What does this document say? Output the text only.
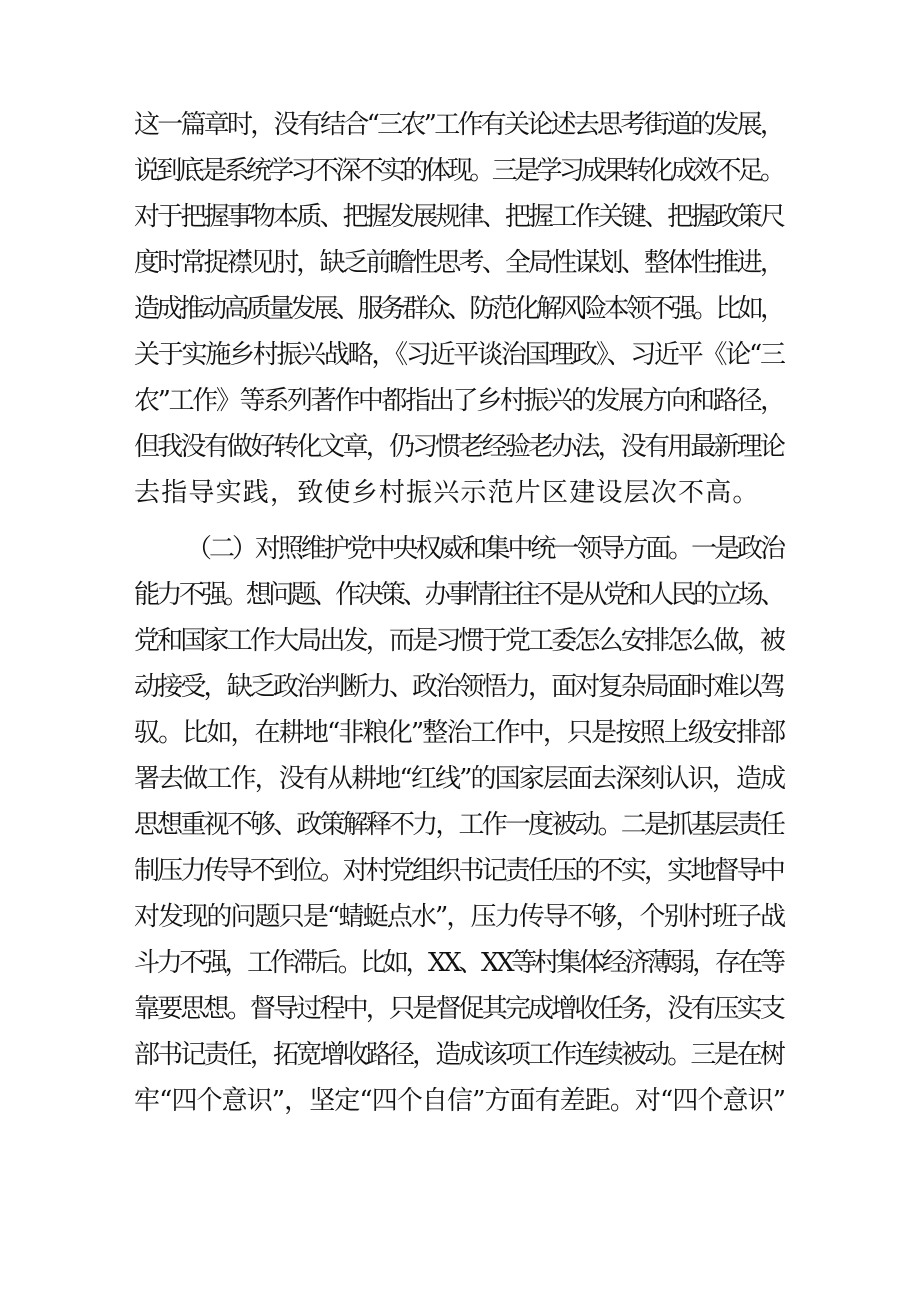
这一篇章时，没有结合“三农”工作有关论述去思考街道的发展，
说到底是系统学习不深不实的体现。三是学习成果转化成效不足。
对于把握事物本质、把握发展规律、把握工作关键、把握政策尺
度时常捉襟见肘，缺乏前瞻性思考、全局性谋划、整体性推进，
造成推动高质量发展、服务群众、防范化解风险本领不强。比如，
关于实施乡村振兴战略，《习近平谈治国理政》、习近平《论“三
农”工作》等系列著作中都指出了乡村振兴的发展方向和路径，
但我没有做好转化文章，仍习惯老经验老办法，没有用最新理论
去指导实践，致使乡村振兴示范片区建设层次不高。
（二）对照维护党中央权威和集中统一领导方面。一是政治
能力不强。想问题、作决策、办事情往往不是从党和人民的立场、
党和国家工作大局出发，而是习惯于党工委怎么安排怎么做，被
动接受，缺乏政治判断力、政治领悟力，面对复杂局面时难以驾
驭。比如，在耕地“非粮化”整治工作中，只是按照上级安排部
署去做工作，没有从耕地“红线”的国家层面去深刻认识，造成
思想重视不够、政策解释不力，工作一度被动。二是抓基层责任
制压力传导不到位。对村党组织书记责任压的不实，实地督导中
对发现的问题只是“蜻蜓点水”，压力传导不够，个别村班子战
斗力不强，工作滞后。比如，XX、XX等村集体经济薄弱，存在等
靠要思想。督导过程中，只是督促其完成增收任务，没有压实支
部书记责任，拓宽增收路径，造成该项工作连续被动。三是在树
牢“四个意识”，坚定“四个自信”方面有差距。对“四个意识”
